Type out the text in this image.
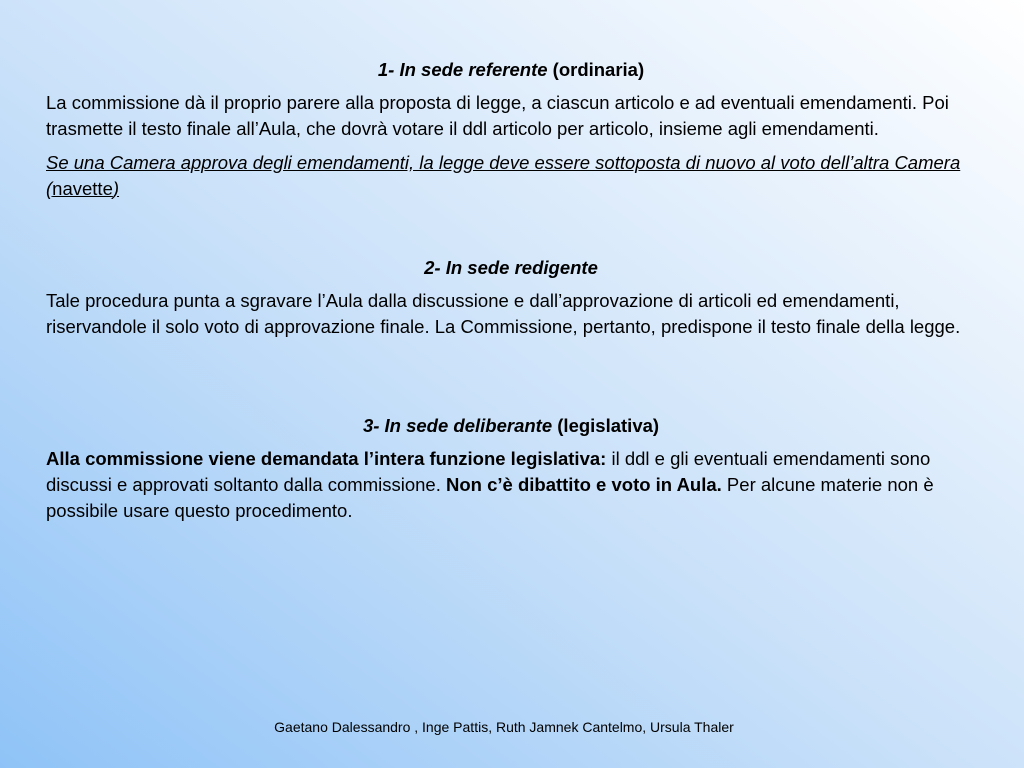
1- In sede referente (ordinaria)

La commissione dà il proprio parere alla proposta di legge, a ciascun articolo e ad eventuali emendamenti. Poi trasmette il testo finale all’Aula, che dovrà votare il ddl articolo per articolo, insieme agli emendamenti.

Se una Camera approva degli emendamenti, la legge deve essere sottoposta di nuovo al voto dell’altra Camera (navette)

2- In sede redigente

Tale procedura punta a sgravare l’Aula dalla discussione e dall’approvazione di articoli ed emendamenti, riservandole il solo voto di approvazione finale. La Commissione, pertanto, predispone il testo finale della legge.

3- In sede deliberante (legislativa)

Alla commissione viene demandata l’intera funzione legislativa: il ddl e gli eventuali emendamenti sono discussi e approvati soltanto dalla commissione. Non c’è dibattito e voto in Aula. Per alcune materie non è possibile usare questo procedimento.

Gaetano Dalessandro , Inge Pattis, Ruth Jamnek Cantelmo, Ursula Thaler
